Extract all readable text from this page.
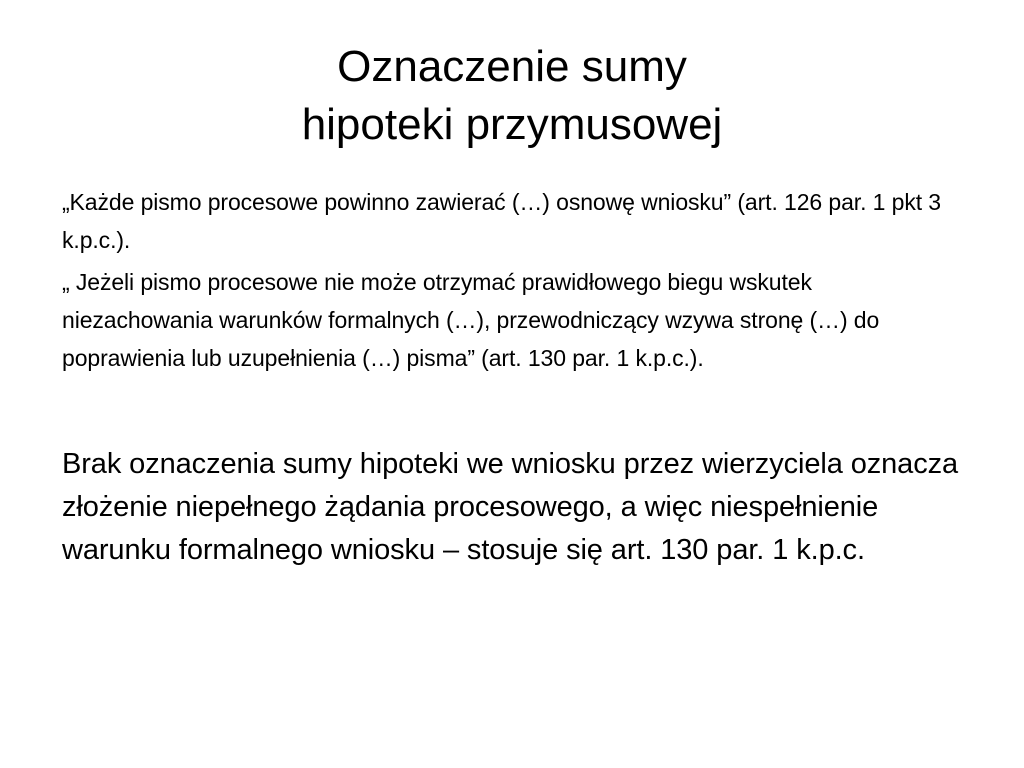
Oznaczenie sumy
hipoteki przymusowej

„Każde pismo procesowe powinno zawierać (…) osnowę wniosku” (art. 126 par. 1 pkt 3 k.p.c.).

„ Jeżeli pismo procesowe nie może otrzymać prawidłowego biegu wskutek niezachowania warunków formalnych (…), przewodniczący wzywa stronę (…) do poprawienia lub uzupełnienia (…) pisma” (art. 130 par. 1 k.p.c.).

Brak oznaczenia sumy hipoteki we wniosku przez wierzyciela oznacza złożenie niepełnego żądania procesowego, a więc niespełnienie warunku formalnego wniosku – stosuje się art. 130 par. 1 k.p.c.
